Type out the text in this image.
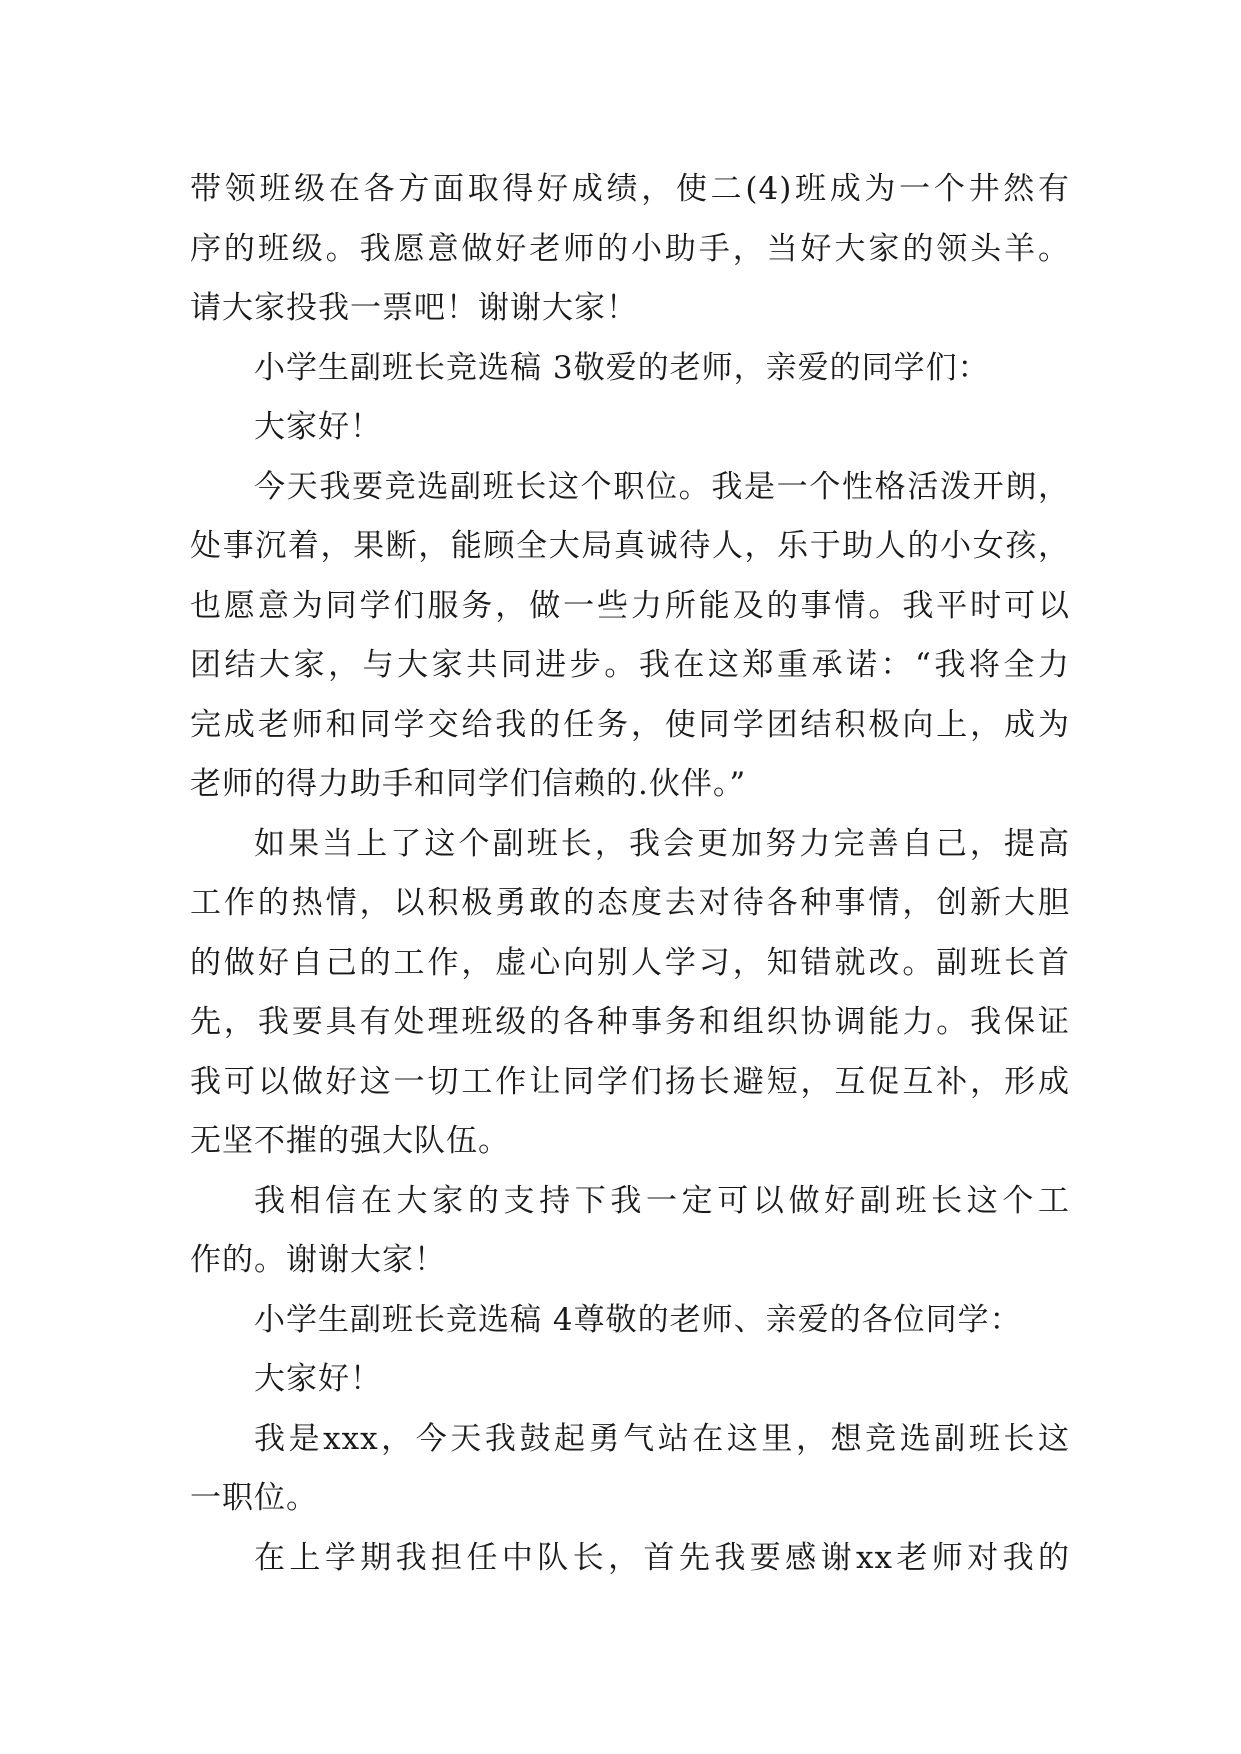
带领班级在各方面取得好成绩，使二(4)班成为一个井然有
序的班级。我愿意做好老师的小助手，当好大家的领头羊。
请大家投我一票吧！谢谢大家！
小学生副班长竞选稿 3敬爱的老师，亲爱的同学们：
大家好！
今天我要竞选副班长这个职位。我是一个性格活泼开朗，
处事沉着，果断，能顾全大局真诚待人，乐于助人的小女孩，
也愿意为同学们服务，做一些力所能及的事情。我平时可以
团结大家，与大家共同进步。我在这郑重承诺：“我将全力
完成老师和同学交给我的任务，使同学团结积极向上，成为
老师的得力助手和同学们信赖的.伙伴。”
如果当上了这个副班长，我会更加努力完善自己，提高
工作的热情，以积极勇敢的态度去对待各种事情，创新大胆
的做好自己的工作，虚心向别人学习，知错就改。副班长首
先，我要具有处理班级的各种事务和组织协调能力。我保证
我可以做好这一切工作让同学们扬长避短，互促互补，形成
无坚不摧的强大队伍。
我相信在大家的支持下我一定可以做好副班长这个工
作的。谢谢大家！
小学生副班长竞选稿 4尊敬的老师、亲爱的各位同学：
大家好！
我是xxx，今天我鼓起勇气站在这里，想竞选副班长这
一职位。
在上学期我担任中队长，首先我要感谢xx老师对我的
